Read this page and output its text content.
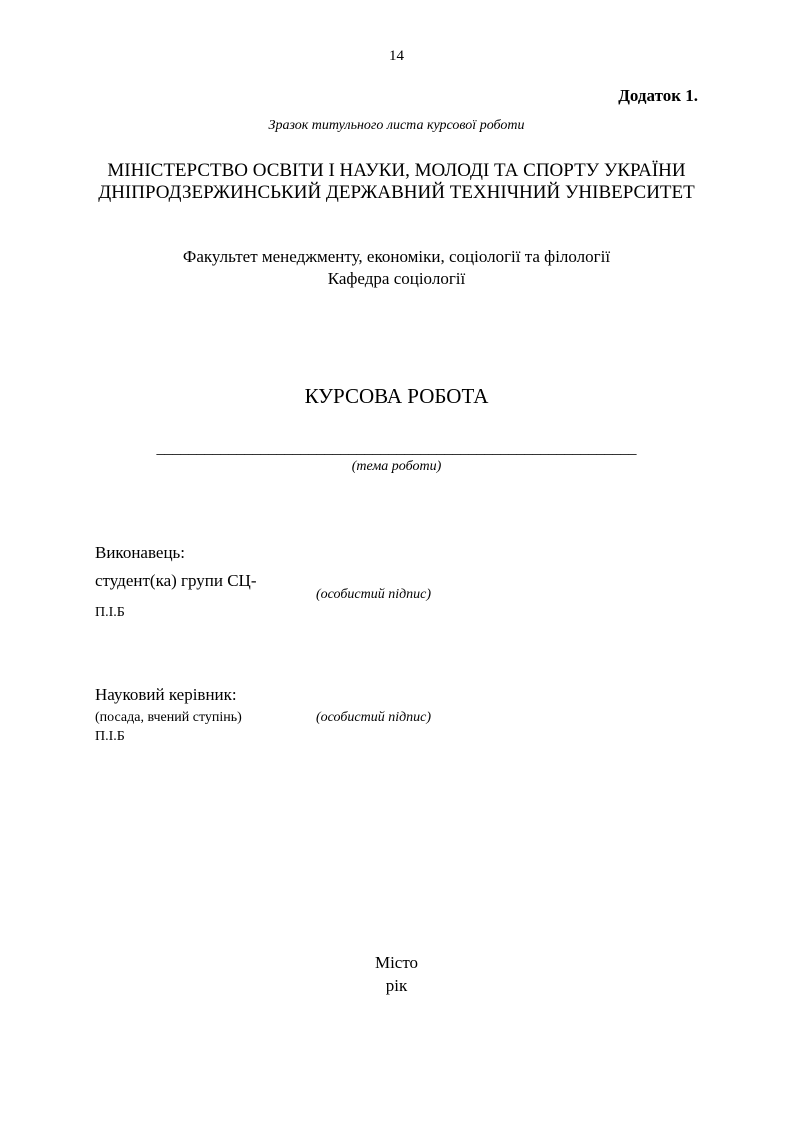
14
Додаток 1.
Зразок титульного листа курсової роботи
МІНІСТЕРСТВО ОСВІТИ І НАУКИ, МОЛОДІ ТА СПОРТУ УКРАЇНИ
ДНІПРОДЗЕРЖИНСЬКИЙ ДЕРЖАВНИЙ ТЕХНІЧНИЙ УНІВЕРСИТЕТ
Факультет менеджменту, економіки, соціології та філології
Кафедра соціології
КУРСОВА РОБОТА
____________________________________________________________
(тема роботи)
Виконавець:
студент(ка) групи СЦ-
(особистий підпис)
П.І.Б
Науковий керівник:
(посада, вчений ступінь)	(особистий підпис)
П.І.Б
Місто
рік
